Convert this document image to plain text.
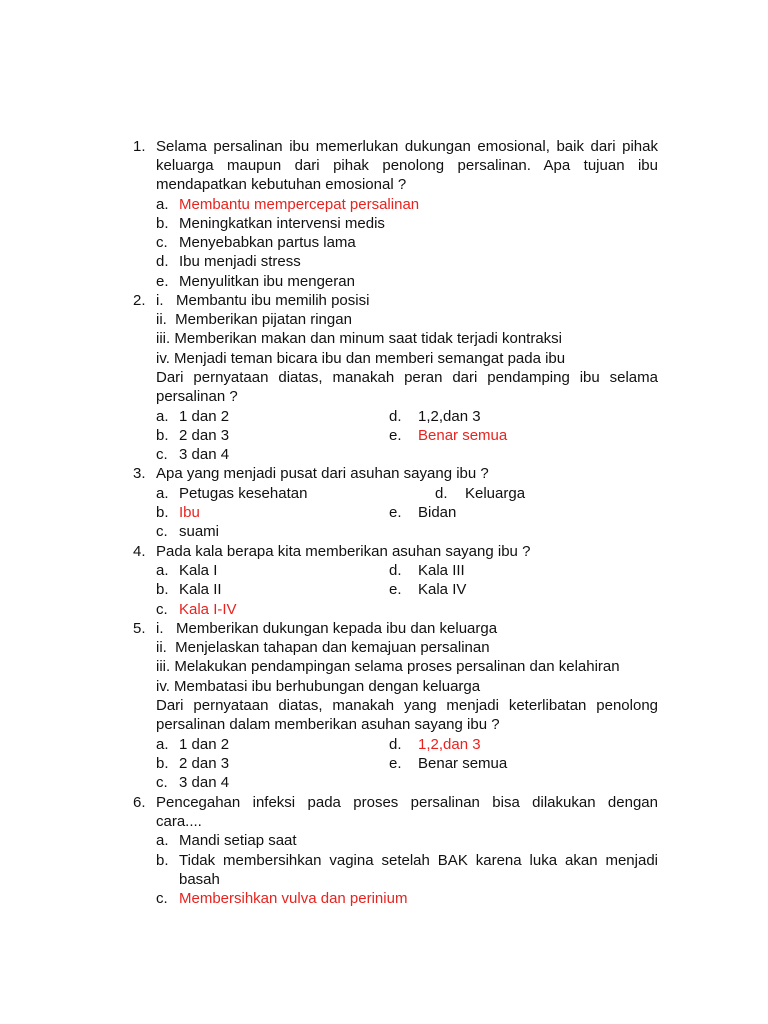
1. Selama persalinan ibu memerlukan dukungan emosional, baik dari pihak
keluarga maupun dari pihak penolong persalinan. Apa tujuan ibu
mendapatkan kebutuhan emosional ?
a. Membantu mempercepat persalinan
b. Meningkatkan intervensi medis
c. Menyebabkan partus lama
d. Ibu menjadi stress
e. Menyulitkan ibu mengeran
2. i.   Membantu ibu memilih posisi
ii.  Memberikan pijatan ringan
iii. Memberikan makan dan minum saat tidak terjadi kontraksi
iv. Menjadi teman bicara ibu dan memberi semangat pada ibu
Dari pernyataan diatas, manakah peran dari pendamping ibu selama
persalinan ?
a. 1 dan 2	d. 1,2,dan 3
b. 2 dan 3	e. Benar semua
c. 3 dan 4
3. Apa yang menjadi pusat dari asuhan sayang ibu ?
a. Petugas kesehatan	d. Keluarga
b. Ibu	e. Bidan
c. suami
4. Pada kala berapa kita memberikan asuhan sayang ibu ?
a. Kala I	d. Kala III
b. Kala II	e. Kala IV
c. Kala I-IV
5. i.   Memberikan dukungan kepada ibu dan keluarga
ii.  Menjelaskan tahapan dan kemajuan persalinan
iii. Melakukan pendampingan selama proses persalinan dan kelahiran
iv. Membatasi ibu berhubungan dengan keluarga
Dari pernyataan diatas, manakah yang menjadi keterlibatan penolong
persalinan dalam memberikan asuhan sayang ibu ?
a. 1 dan 2	d. 1,2,dan 3
b. 2 dan 3	e. Benar semua
c. 3 dan 4
6. Pencegahan infeksi pada proses persalinan bisa dilakukan dengan
cara....
a. Mandi setiap saat
b. Tidak membersihkan vagina setelah BAK karena luka akan menjadi
basah
c. Membersihkan vulva dan perinium
